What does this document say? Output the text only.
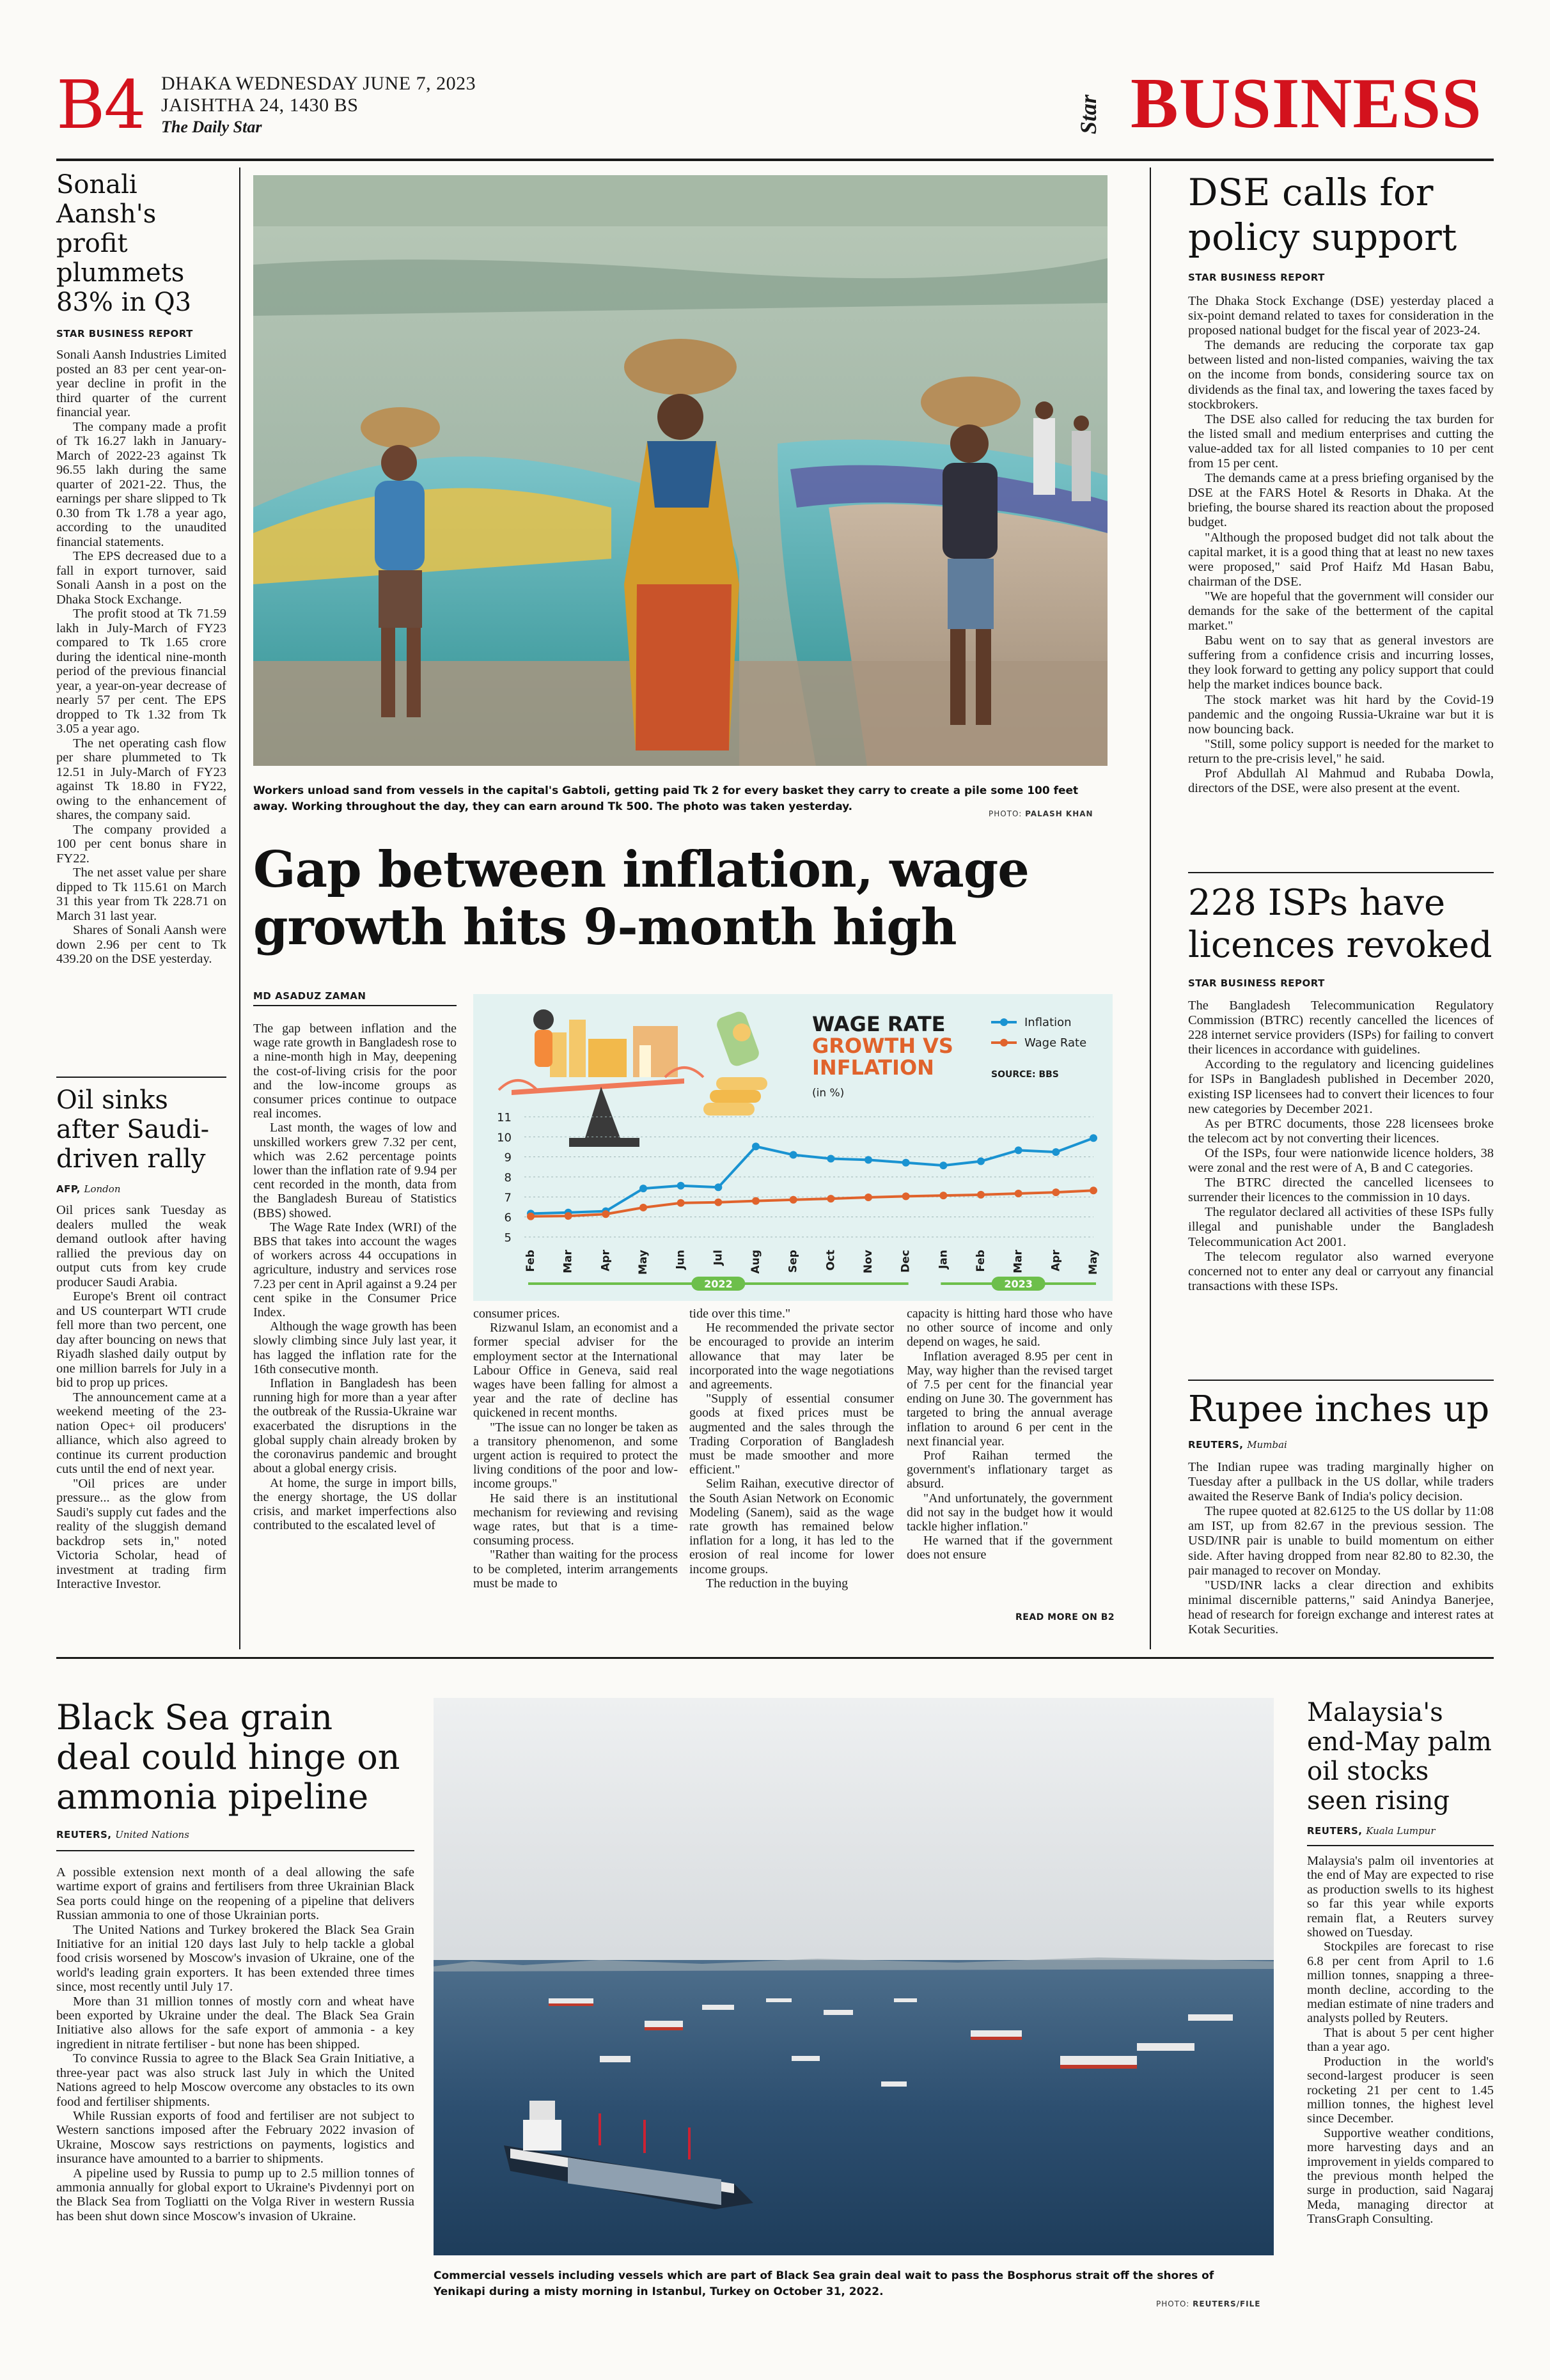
B4 DHAKA WEDNESDAY JUNE 7, 2023
JAISHTHA 24, 1430 BS
The Daily Star	Star BUSINESS
Sonali Aansh's profit plummets 83% in Q3
STAR BUSINESS REPORT

Sonali Aansh Industries Limited posted an 83 per cent year-on-year decline in profit in the third quarter of the current financial year.

The company made a profit of Tk 16.27 lakh in January-March of 2022-23 against Tk 96.55 lakh during the same quarter of 2021-22. Thus, the earnings per share slipped to Tk 0.30 from Tk 1.78 a year ago, according to the unaudited financial statements.

The EPS decreased due to a fall in export turnover, said Sonali Aansh in a post on the Dhaka Stock Exchange.

The profit stood at Tk 71.59 lakh in July-March of FY23 compared to Tk 1.65 crore during the identical nine-month period of the previous financial year, a year-on-year decrease of nearly 57 per cent. The EPS dropped to Tk 1.32 from Tk 3.05 a year ago.

The net operating cash flow per share plummeted to Tk 12.51 in July-March of FY23 against Tk 18.80 in FY22, owing to the enhancement of shares, the company said.

The company provided a 100 per cent bonus share in FY22.

The net asset value per share dipped to Tk 115.61 on March 31 this year from Tk 228.71 on March 31 last year.

Shares of Sonali Aansh were down 2.96 per cent to Tk 439.20 on the DSE yesterday.

Oil sinks after Saudi-driven rally
AFP, London

Oil prices sank Tuesday as dealers mulled the weak demand outlook after having rallied the previous day on output cuts from key crude producer Saudi Arabia.

Europe's Brent oil contract and US counterpart WTI crude fell more than two percent, one day after bouncing on news that Riyadh slashed daily output by one million barrels for July in a bid to prop up prices.

The announcement came at a weekend meeting of the 23-nation Opec+ oil producers' alliance, which also agreed to continue its current production cuts until the end of next year.

"Oil prices are under pressure... as the glow from Saudi's supply cut fades and the reality of the sluggish demand backdrop sets in," noted Victoria Scholar, head of investment at trading firm Interactive Investor.

Workers unload sand from vessels in the capital's Gabtoli, getting paid Tk 2 for every basket they carry to create a pile some 100 feet away. Working throughout the day, they can earn around Tk 500. The photo was taken yesterday.
PHOTO: PALASH KHAN
Gap between inflation, wage growth hits 9-month high
MD ASADUZ ZAMAN

The gap between inflation and the wage rate growth in Bangladesh rose to a nine-month high in May, deepening the cost-of-living crisis for the poor and the low-income groups as consumer prices continue to outpace real incomes.

Last month, the wages of low and unskilled workers grew 7.32 per cent, which was 2.62 percentage points lower than the inflation rate of 9.94 per cent recorded in the month, data from the Bangladesh Bureau of Statistics (BBS) showed.

The Wage Rate Index (WRI) of the BBS that takes into account the wages of workers across 44 occupations in agriculture, industry and services rose 7.23 per cent in April against a 9.24 per cent spike in the Consumer Price Index.

Although the wage growth has been slowly climbing since July last year, it has lagged the inflation rate for the 16th consecutive month.

Inflation in Bangladesh has been running high for more than a year after the outbreak of the Russia-Ukraine war exacerbated the disruptions in the global supply chain already broken by the coronavirus pandemic and brought about a global energy crisis.

At home, the surge in import bills, the energy shortage, the US dollar crisis, and market imperfections also contributed to the escalated level of

WAGE RATE
GROWTH VS
INFLATION
(in %)
SOURCE: BBS
Inflation
Wage Rate
5
6
7
8
9
10
11
Feb Mar Apr May Jun Jul Aug Sep Oct Nov Dec Jan Feb Mar Apr May
2022	2023

consumer prices.

Rizwanul Islam, an economist and a former special adviser for the employment sector at the International Labour Office in Geneva, said real wages have been falling for almost a year and the rate of decline has quickened in recent months.

"The issue can no longer be taken as a transitory phenomenon, and some urgent action is required to protect the living conditions of the poor and low-income groups."

He said there is an institutional mechanism for reviewing and revising wage rates, but that is a time-consuming process.

"Rather than waiting for the process to be completed, interim arrangements must be made to

tide over this time."

He recommended the private sector be encouraged to provide an interim allowance that may later be incorporated into the wage negotiations and agreements.

"Supply of essential consumer goods at fixed prices must be augmented and the sales through the Trading Corporation of Bangladesh must be made smoother and more efficient."

Selim Raihan, executive director of the South Asian Network on Economic Modeling (Sanem), said as the wage rate growth has remained below inflation for a long, it has led to the erosion of real income for lower income groups.

The reduction in the buying

capacity is hitting hard those who have no other source of income and only depend on wages, he said.

Inflation averaged 8.95 per cent in May, way higher than the revised target of 7.5 per cent for the financial year ending on June 30. The government has targeted to bring the annual average inflation to around 6 per cent in the next financial year.

Prof Raihan termed the government's inflationary target as absurd.

"And unfortunately, the government did not say in the budget how it would tackle higher inflation."

He warned that if the government does not ensure

READ MORE ON B2
DSE calls for policy support
STAR BUSINESS REPORT

The Dhaka Stock Exchange (DSE) yesterday placed a six-point demand related to taxes for consideration in the proposed national budget for the fiscal year of 2023-24.

The demands are reducing the corporate tax gap between listed and non-listed companies, waiving the tax on the income from bonds, considering source tax on dividends as the final tax, and lowering the taxes faced by stockbrokers.

The DSE also called for reducing the tax burden for the listed small and medium enterprises and cutting the value-added tax for all listed companies to 10 per cent from 15 per cent.

The demands came at a press briefing organised by the DSE at the FARS Hotel & Resorts in Dhaka. At the briefing, the bourse shared its reaction about the proposed budget.

"Although the proposed budget did not talk about the capital market, it is a good thing that at least no new taxes were proposed," said Prof Haifz Md Hasan Babu, chairman of the DSE.

"We are hopeful that the government will consider our demands for the sake of the betterment of the capital market."

Babu went on to say that as general investors are suffering from a confidence crisis and incurring losses, they look forward to getting any policy support that could help the market indices bounce back.

The stock market was hit hard by the Covid-19 pandemic and the ongoing Russia-Ukraine war but it is now bouncing back.

"Still, some policy support is needed for the market to return to the pre-crisis level," he said.

Prof Abdullah Al Mahmud and Rubaba Dowla, directors of the DSE, were also present at the event.

228 ISPs have licences revoked
STAR BUSINESS REPORT

The Bangladesh Telecommunication Regulatory Commission (BTRC) recently cancelled the licences of 228 internet service providers (ISPs) for failing to convert their licences in accordance with guidelines.

According to the regulatory and licencing guidelines for ISPs in Bangladesh published in December 2020, existing ISP licensees had to convert their licences to four new categories by December 2021.

As per BTRC documents, those 228 licensees broke the telecom act by not converting their licences.

Of the ISPs, four were nationwide licence holders, 38 were zonal and the rest were of A, B and C categories.

The BTRC directed the cancelled licensees to surrender their licences to the commission in 10 days.

The regulator declared all activities of these ISPs fully illegal and punishable under the Bangladesh Telecommunication Act 2001.

The telecom regulator also warned everyone concerned not to enter any deal or carryout any financial transactions with these ISPs.

Rupee inches up
REUTERS, Mumbai

The Indian rupee was trading marginally higher on Tuesday after a pullback in the US dollar, while traders awaited the Reserve Bank of India's policy decision.

The rupee quoted at 82.6125 to the US dollar by 11:08 am IST, up from 82.67 in the previous session. The USD/INR pair is unable to build momentum on either side. After having dropped from near 82.80 to 82.30, the pair managed to recover on Monday.

"USD/INR lacks a clear direction and exhibits minimal discernible patterns," said Anindya Banerjee, head of research for foreign exchange and interest rates at Kotak Securities.

Black Sea grain deal could hinge on ammonia pipeline
REUTERS, United Nations

A possible extension next month of a deal allowing the safe wartime export of grains and fertilisers from three Ukrainian Black Sea ports could hinge on the reopening of a pipeline that delivers Russian ammonia to one of those Ukrainian ports.

The United Nations and Turkey brokered the Black Sea Grain Initiative for an initial 120 days last July to help tackle a global food crisis worsened by Moscow's invasion of Ukraine, one of the world's leading grain exporters. It has been extended three times since, most recently until July 17.

More than 31 million tonnes of mostly corn and wheat have been exported by Ukraine under the deal. The Black Sea Grain Initiative also allows for the safe export of ammonia - a key ingredient in nitrate fertiliser - but none has been shipped.

To convince Russia to agree to the Black Sea Grain Initiative, a three-year pact was also struck last July in which the United Nations agreed to help Moscow overcome any obstacles to its own food and fertiliser shipments.

While Russian exports of food and fertiliser are not subject to Western sanctions imposed after the February 2022 invasion of Ukraine, Moscow says restrictions on payments, logistics and insurance have amounted to a barrier to shipments.

A pipeline used by Russia to pump up to 2.5 million tonnes of ammonia annually for global export to Ukraine's Pivdennyi port on the Black Sea from Togliatti on the Volga River in western Russia has been shut down since Moscow's invasion of Ukraine.

Commercial vessels including vessels which are part of Black Sea grain deal wait to pass the Bosphorus strait off the shores of Yenikapi during a misty morning in Istanbul, Turkey on October 31, 2022.
PHOTO: REUTERS/FILE
Malaysia's end-May palm oil stocks seen rising
REUTERS, Kuala Lumpur

Malaysia's palm oil inventories at the end of May are expected to rise as production swells to its highest so far this year while exports remain flat, a Reuters survey showed on Tuesday.

Stockpiles are forecast to rise 6.8 per cent from April to 1.6 million tonnes, snapping a three-month decline, according to the median estimate of nine traders and analysts polled by Reuters.

That is about 5 per cent higher than a year ago.

Production in the world's second-largest producer is seen rocketing 21 per cent to 1.45 million tonnes, the highest level since December.

Supportive weather conditions, more harvesting days and an improvement in yields compared to the previous month helped the surge in production, said Nagaraj Meda, managing director at TransGraph Consulting.
